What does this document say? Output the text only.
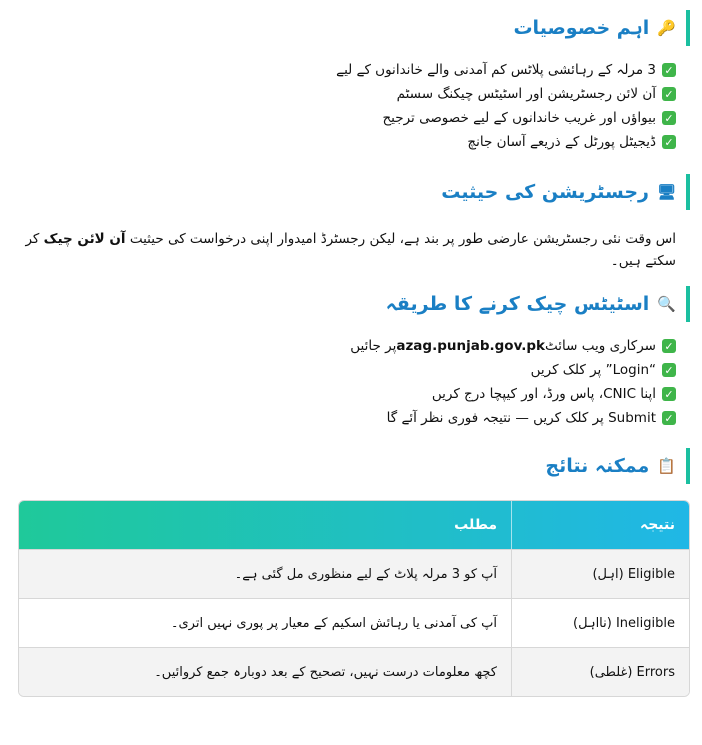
🔑
اہم خصوصیات
✓
3 مرلہ کے رہائشی پلاٹس کم آمدنی والے خاندانوں کے لیے
✓
آن لائن رجسٹریشن اور اسٹیٹس چیکنگ سسٹم
✓
بیواؤں اور غریب خاندانوں کے لیے خصوصی ترجیح
✓
ڈیجیٹل پورٹل کے ذریعے آسان جانچ
🖥
رجسٹریشن کی حیثیت

اس وقت نئی رجسٹریشن عارضی طور پر بند ہے، لیکن رجسٹرڈ امیدوار اپنی درخواست کی حیثیت آن لائن چیک کر سکتے ہیں۔

🔍
اسٹیٹس چیک کرنے کا طریقہ
✓
سرکاری ویب سائٹ
azag.punjab.gov.pk
پر جائیں
✓
“Login” پر کلک کریں
✓
اپنا CNIC، پاس ورڈ، اور کیپچا درج کریں
✓
Submit پر کلک کریں — نتیجہ فوری نظر آئے گا
📋
ممکنہ نتائج
نتیجہ	مطلب
Eligible (اہل)	آپ کو 3 مرلہ پلاٹ کے لیے منظوری مل گئی ہے۔
Ineligible (نااہل)	آپ کی آمدنی یا رہائش اسکیم کے معیار پر پوری نہیں اتری۔
Errors (غلطی)	کچھ معلومات درست نہیں، تصحیح کے بعد دوبارہ جمع کروائیں۔
